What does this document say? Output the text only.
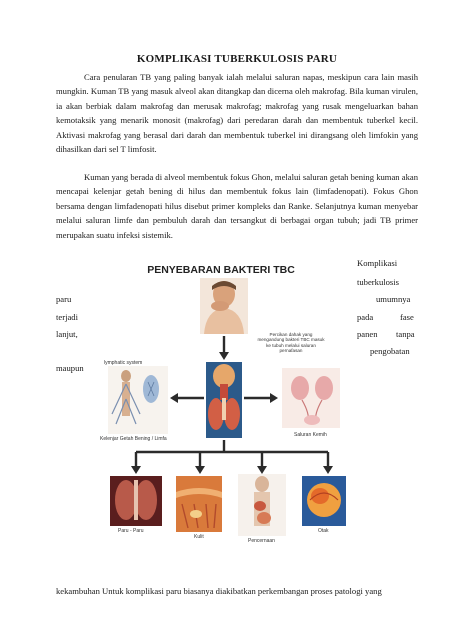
KOMPLIKASI TUBERKULOSIS PARU
Cara penularan TB yang paling banyak ialah melalui saluran napas, meskipun cara lain masih mungkin. Kuman TB yang masuk alveol akan ditangkap dan dicerna oleh makrofag. Bila kuman virulen, ia akan berbiak dalam makrofag dan merusak makrofag; makrofag yang rusak mengeluarkan bahan kemotaksik yang menarik monosit (makrofag) dari peredaran darah dan membentuk tuberkel kecil. Aktivasi makrofag yang berasal dari darah dan membentuk tuberkel ini dirangsang oleh limfokin yang dihasilkan dari sel T limfosit.
Kuman yang berada di alveol membentuk fokus Ghon, melalui saluran getah bening kuman akan mencapai kelenjar getah bening di hilus dan membentuk fokus lain (limfadenopati). Fokus Ghon bersama dengan limfadenopati hilus disebut primer kompleks dan Ranke. Selanjutnya kuman menyebar melalui saluran limfe dan pembuluh darah dan tersangkut di berbagai organ tubuh; jadi TB primer merupakan suatu infeksi sistemik.
Komplikasi
tuberkulosis
umumnya
pada	fase
panen tanpa
pengobatan
paru
terjadi
lanjut,
maupun
PENYEBARAN BAKTERI TBC
Percikan dahak yang mengandung bakteri TBC masuk ke tubuh melalui saluran pernafasan
lymphatic system
Kelenjar Getah Bening / Limfa
Saluran Kemih
Paru - Paru
Kulit
Pencernaan
Otak
kekambuhan Untuk komplikasi paru biasanya diakibatkan perkembangan proses patologi yang
